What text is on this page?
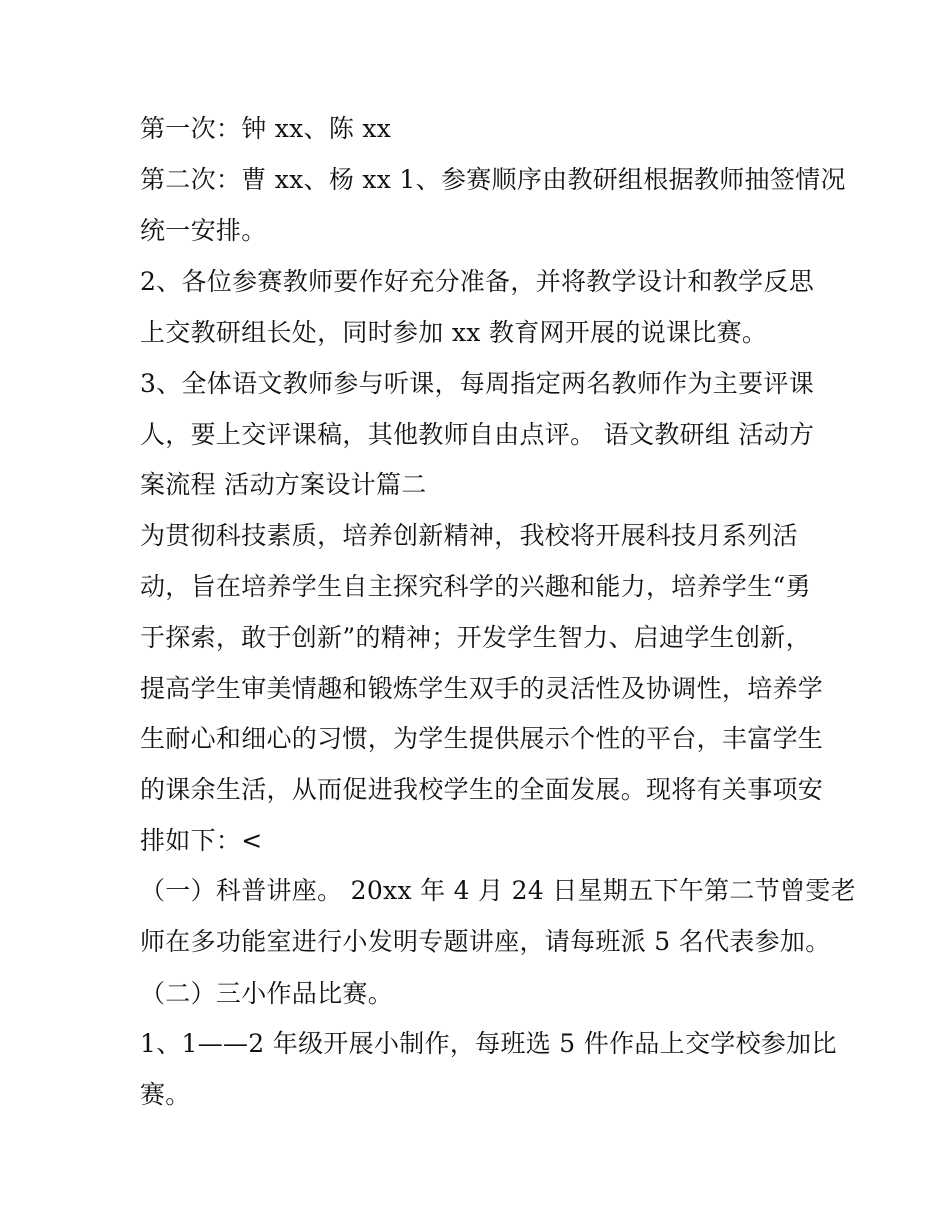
第一次：钟 xx、陈 xx
第二次：曹 xx、杨 xx 1、参赛顺序由教研组根据教师抽签情况
统一安排。
2、各位参赛教师要作好充分准备，并将教学设计和教学反思
上交教研组长处，同时参加 xx 教育网开展的说课比赛。
3、全体语文教师参与听课，每周指定两名教师作为主要评课
人，要上交评课稿，其他教师自由点评。 语文教研组 活动方
案流程 活动方案设计篇二
为贯彻科技素质，培养创新精神，我校将开展科技月系列活
动，旨在培养学生自主探究科学的兴趣和能力，培养学生“勇
于探索，敢于创新”的精神；开发学生智力、启迪学生创新，
提高学生审美情趣和锻炼学生双手的灵活性及协调性，培养学
生耐心和细心的习惯，为学生提供展示个性的平台，丰富学生
的课余生活，从而促进我校学生的全面发展。现将有关事项安
排如下：<
（一）科普讲座。 20xx 年 4 月 24 日星期五下午第二节曾雯老
师在多功能室进行小发明专题讲座，请每班派 5 名代表参加。
（二）三小作品比赛。
1、1——2 年级开展小制作，每班选 5 件作品上交学校参加比
赛。
